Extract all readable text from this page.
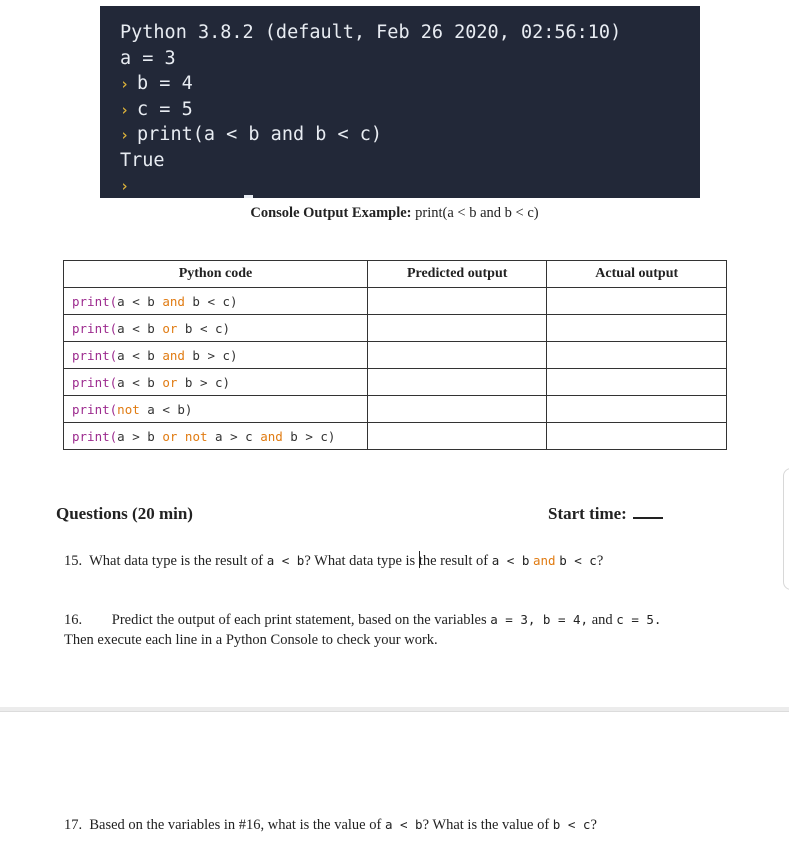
Python 3.8.2 (default, Feb 26 2020, 02:56:10)
a = 3
› b = 4
› c = 5
› print(a < b and b < c)
True
›
Console Output Example: print(a < b and b < c)
Python code	Predicted output	Actual output
print(a < b and b < c)		
print(a < b or b < c)		
print(a < b and b > c)		
print(a < b or b > c)		
print(not a < b)		
print(a > b or not a > c and b > c)		
Questions (20 min)	Start time:
15. What data type is the result of a < b? What data type is the result of a < b and b < c?
16. Predict the output of each print statement, based on the variables a = 3, b = 4, and c = 5.
Then execute each line in a Python Console to check your work.
17. Based on the variables in #16, what is the value of a < b? What is the value of b < c?
